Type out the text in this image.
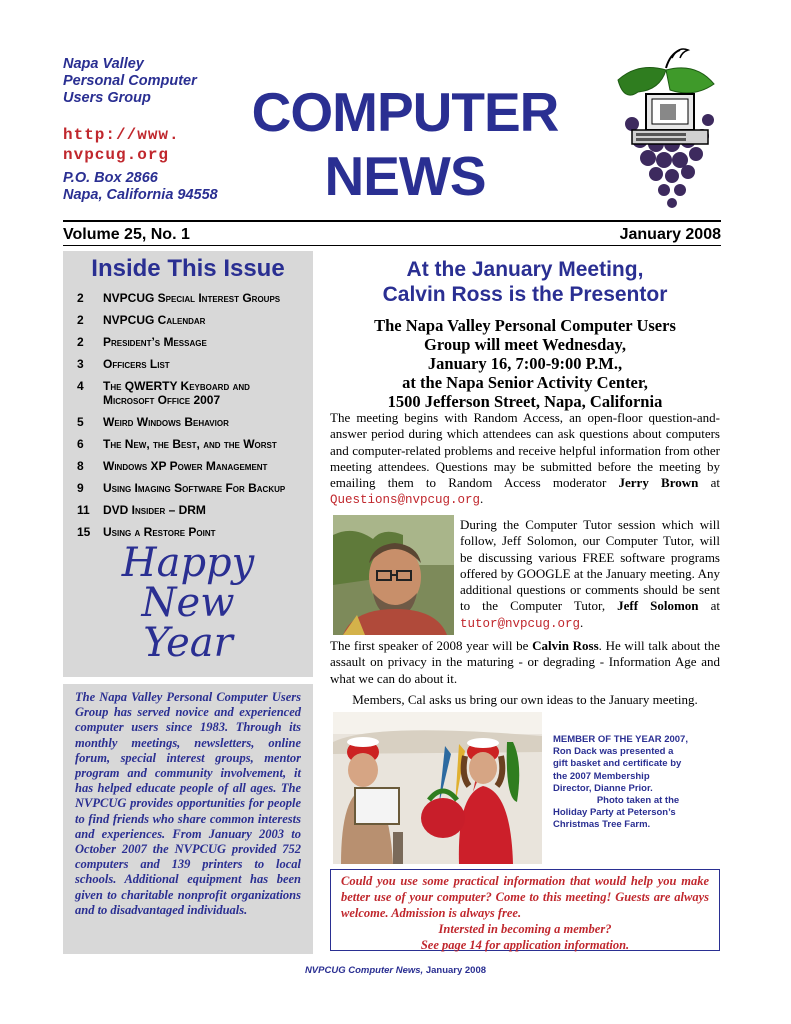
Napa Valley
Personal Computer
Users Group
http://www.
nvpcug.org
P.O. Box 2866
Napa, California 94558
COMPUTER
NEWS
Volume 25, No. 1	January 2008
Inside This Issue
2 NVPCUG Special Interest Groups
2 NVPCUG Calendar
2 President’s Message
3 Officers List
4 The QWERTY Keyboard and
Microsoft Office 2007
5 Weird Windows Behavior
6 The New, the Best, and the Worst
8 Windows XP Power Management
9 Using Imaging Software For Backup
11 DVD Insider – DRM
15 Using a Restore Point
Happy
New
Year

The Napa Valley Personal Computer Users Group has served novice and experienced computer users since 1983. Through its monthly meetings, newsletters, online forum, special interest groups, mentor program and community involvement, it has helped educate people of all ages. The NVPCUG provides opportunities for people to find friends who share common interests and experiences. From January 2003 to October 2007 the NVPCUG provided 752 computers and 139 printers to local schools. Additional equipment has been given to charitable nonprofit organizations and to disadvantaged individuals.

At the January Meeting,
Calvin Ross is the Presentor
The Napa Valley Personal Computer Users
Group will meet Wednesday,
January 16, 7:00-9:00 P.M.,
at the Napa Senior Activity Center,
1500 Jefferson Street, Napa, California

The meeting begins with Random Access, an open-floor question-and-answer period during which attendees can ask questions about computers and computer-related problems and receive helpful information from other meeting attendees. Questions may be submitted before the meeting by emailing them to Random Access moderator Jerry Brown at Questions@nvpcug.org.

During the Computer Tutor session which will follow, Jeff Solomon, our Computer Tutor, will be discussing various FREE software programs offered by GOOGLE at the January meeting. Any additional questions or comments should be sent to the Computer Tutor, Jeff Solomon at tutor@nvpcug.org.

The first speaker of 2008 year will be Calvin Ross. He will talk about the assault on privacy in the maturing - or degrading - Information Age and what we can do about it.

Members, Cal asks us bring our own ideas to the January meeting.
MEMBER OF THE YEAR 2007,
Ron Dack was presented a
gift basket and certificate by
the 2007 Membership
Director, Dianne Prior.
Photo taken at the
Holiday Party at Peterson’s
Christmas Tree Farm.

Could you use some practical information that would help you make better use of your computer? Come to this meeting! Guests are always welcome. Admission is always free.

Intersted in becoming a member?

See page 14 for application information.

NVPCUG Computer News, January 2008
